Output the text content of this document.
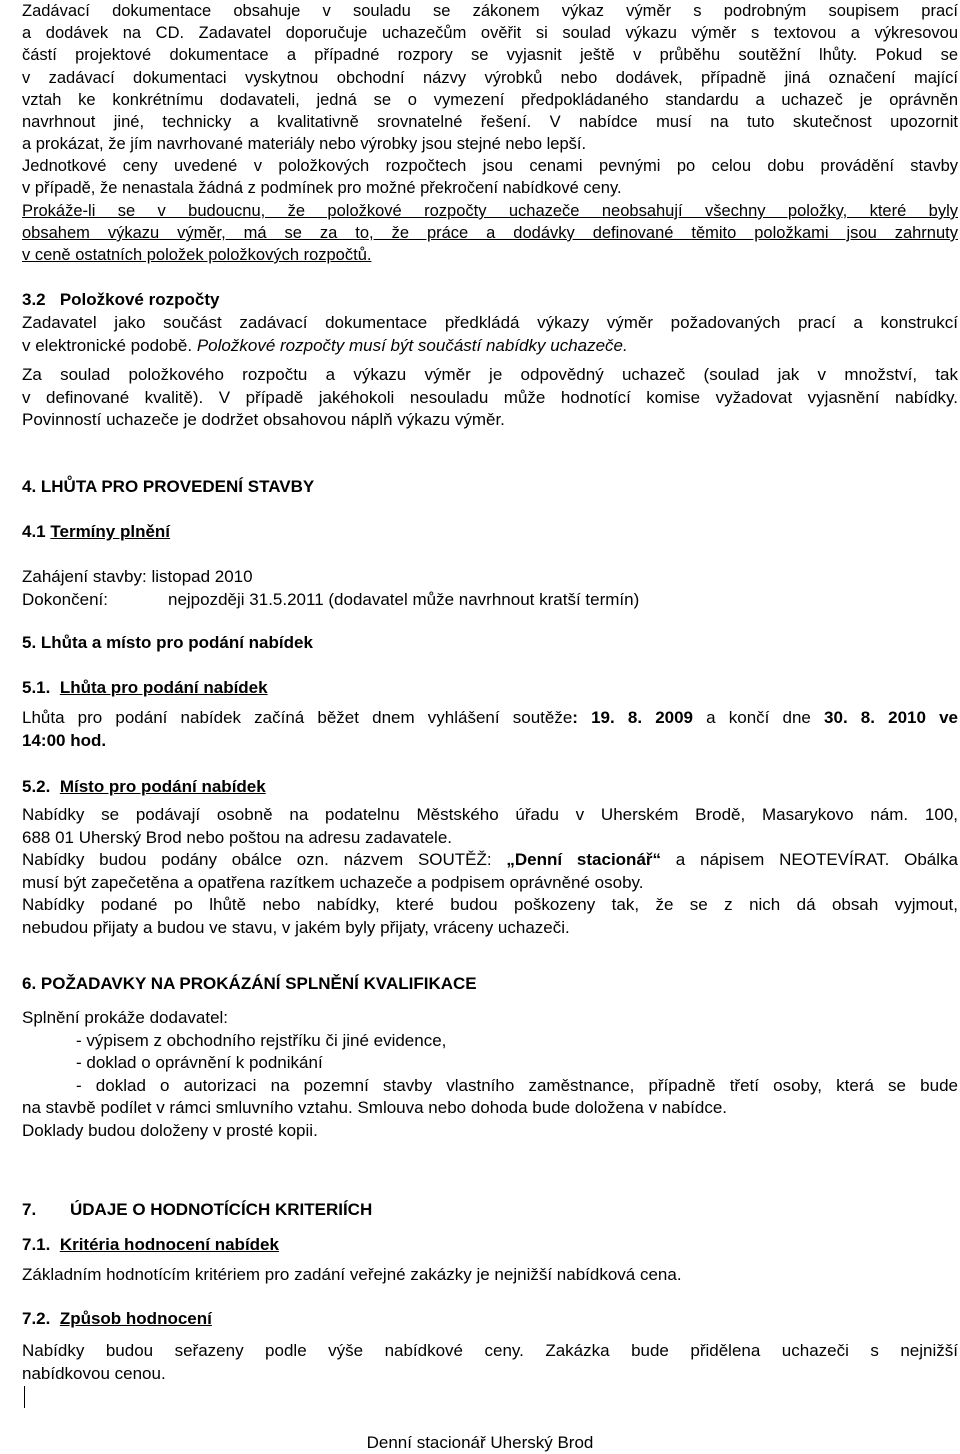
Zadávací dokumentace obsahuje v souladu se zákonem výkaz výměr s podrobným soupisem prací

a dodávek na CD. Zadavatel doporučuje uchazečům ověřit si soulad výkazu výměr s textovou a výkresovou

částí projektové dokumentace a případné rozpory se vyjasnit ještě v průběhu soutěžní lhůty. Pokud se

v zadávací dokumentaci vyskytnou obchodní názvy výrobků nebo dodávek, případně jiná označení mající

vztah ke konkrétnímu dodavateli, jedná se o vymezení předpokládaného standardu a uchazeč je oprávněn

navrhnout jiné, technicky a kvalitativně srovnatelné řešení. V nabídce musí na tuto skutečnost upozornit

a prokázat, že jím navrhované materiály nebo výrobky jsou stejné nebo lepší.

Jednotkové ceny uvedené v položkových rozpočtech jsou cenami pevnými po celou dobu provádění stavby

v případě, že nenastala žádná z podmínek pro možné překročení nabídkové ceny.

Prokáže-li se v budoucnu, že položkové rozpočty uchazeče neobsahují všechny položky, které byly

obsahem výkazu výměr, má se za to, že práce a dodávky definované těmito položkami jsou zahrnuty

v ceně ostatních položek položkových rozpočtů.

3.2 Položkové rozpočty

Zadavatel jako součást zadávací dokumentace předkládá výkazy výměr požadovaných prací a konstrukcí

v elektronické podobě. Položkové rozpočty musí být součástí nabídky uchazeče.

Za soulad položkového rozpočtu a výkazu výměr je odpovědný uchazeč (soulad jak v množství, tak

v definované kvalitě). V případě jakéhokoli nesouladu může hodnotící komise vyžadovat vyjasnění nabídky.

Povinností uchazeče je dodržet obsahovou náplň výkazu výměr.

4. LHŮTA PRO PROVEDENÍ STAVBY

4.1 Termíny plnění

Zahájení stavby: listopad 2010

Dokončení:	nejpozději 31.5.2011 (dodavatel může navrhnout kratší termín)

5. Lhůta a místo pro podání nabídek

5.1. Lhůta pro podání nabídek

Lhůta pro podání nabídek začíná běžet dnem vyhlášení soutěže: 19. 8. 2009 a končí dne 30. 8. 2010 ve

14:00 hod.

5.2. Místo pro podání nabídek

Nabídky se podávají osobně na podatelnu Městského úřadu v Uherském Brodě, Masarykovo nám. 100,

688 01 Uherský Brod nebo poštou na adresu zadavatele.

Nabídky budou podány obálce ozn. názvem SOUTĚŽ: „Denní stacionář“ a nápisem NEOTEVÍRAT. Obálka

musí být zapečetěna a opatřena razítkem uchazeče a podpisem oprávněné osoby.

Nabídky podané po lhůtě nebo nabídky, které budou poškozeny tak, že se z nich dá obsah vyjmout,

nebudou přijaty a budou ve stavu, v jakém byly přijaty, vráceny uchazeči.

6. POŽADAVKY NA PROKÁZÁNÍ SPLNĚNÍ KVALIFIKACE

Splnění prokáže dodavatel:

- výpisem z obchodního rejstříku či jiné evidence,

- doklad o oprávnění k podnikání

- doklad o autorizaci na pozemní stavby vlastního zaměstnance, případně třetí osoby, která se bude

na stavbě podílet v rámci smluvního vztahu. Smlouva nebo dohoda bude doložena v nabídce.

Doklady budou doloženy v prosté kopii.

7. ÚDAJE O HODNOTÍCÍCH KRITERIÍCH

7.1. Kritéria hodnocení nabídek

Základním hodnotícím kritériem pro zadání veřejné zakázky je nejnižší nabídková cena.

7.2. Způsob hodnocení

Nabídky budou seřazeny podle výše nabídkové ceny. Zakázka bude přidělena uchazeči s nejnižší

nabídkovou cenou.

Denní stacionář Uherský Brod
